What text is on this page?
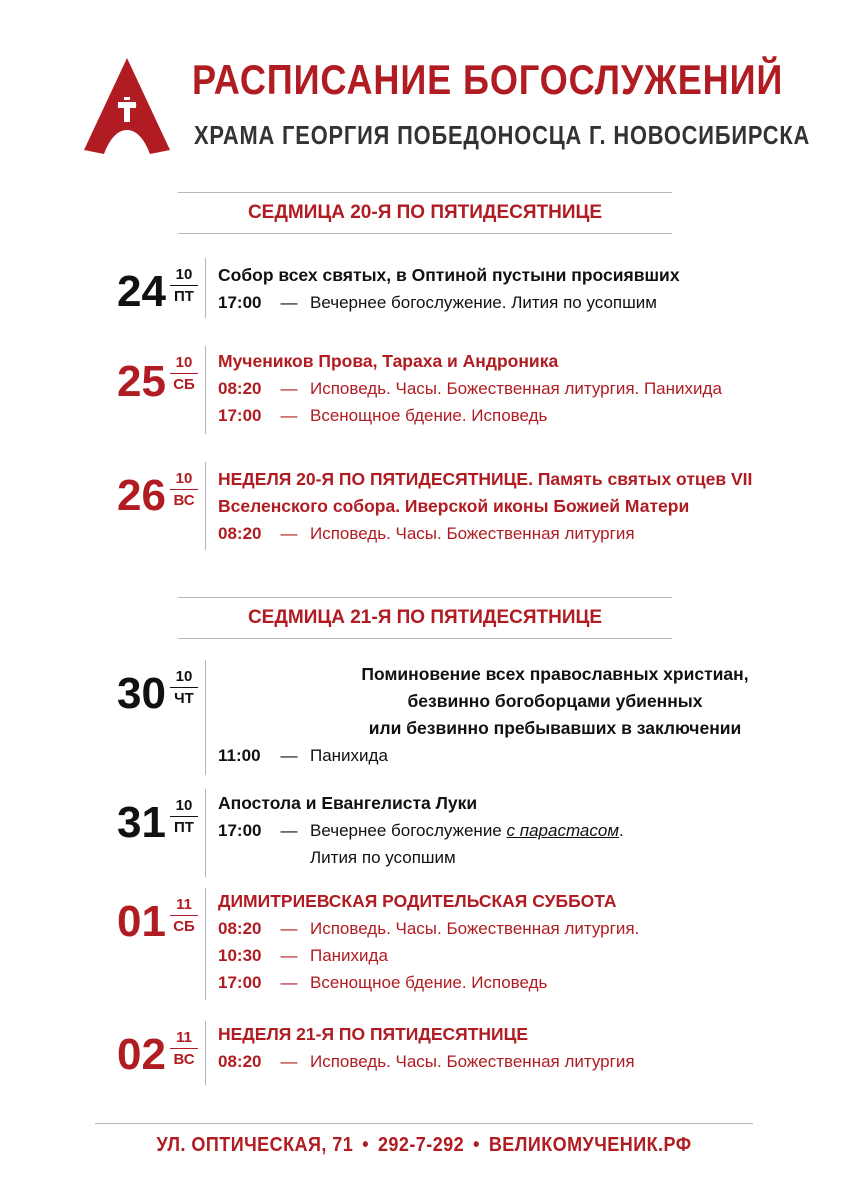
РАСПИСАНИЕ БОГОСЛУЖЕНИЙ
ХРАМА ГЕОРГИЯ ПОБЕДОНОСЦА Г. НОВОСИБИРСКА
СЕДМИЦА 20-Я ПО ПЯТИДЕСЯТНИЦЕ
24 10
ПТ
Собор всех святых, в Оптиной пустыни просиявших
17:00	— Вечернее богослужение. Лития по усопшим
25 10
СБ
Мучеников Прова, Тараха и Андроника
08:20	— Исповедь. Часы. Божественная литургия. Панихида
17:00	— Всенощное бдение. Исповедь
26 10
ВС
НЕДЕЛЯ 20-Я ПО ПЯТИДЕСЯТНИЦЕ. Память святых отцев VII
Вселенского собора. Иверской иконы Божией Матери
08:20	— Исповедь. Часы. Божественная литургия
СЕДМИЦА 21-Я ПО ПЯТИДЕСЯТНИЦЕ
30 10
ЧТ
Поминовение всех православных христиан,
безвинно богоборцами убиенных
или безвинно пребывавших в заключении
11:00	— Панихида
31 10
ПТ
Апостола и Евангелиста Луки
17:00	— Вечернее богослужение с парастасом.
Лития по усопшим
01 11
СБ
ДИМИТРИЕВСКАЯ РОДИТЕЛЬСКАЯ СУББОТА
08:20	— Исповедь. Часы. Божественная литургия.
10:30	— Панихида
17:00	— Всенощное бдение. Исповедь
02 11
ВС
НЕДЕЛЯ 21-Я ПО ПЯТИДЕСЯТНИЦЕ
08:20	— Исповедь. Часы. Божественная литургия
УЛ. ОПТИЧЕСКАЯ, 71 • 292-7-292 • ВЕЛИКОМУЧЕНИК.РФ
